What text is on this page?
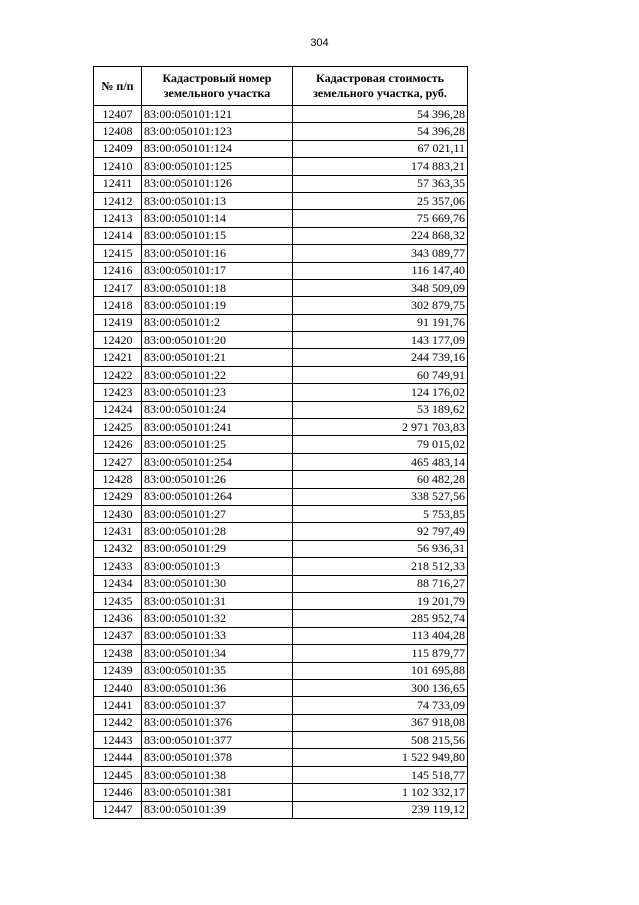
304
№ п/п	Кадастровый номер земельного участка	Кадастровая стоимость земельного участка, руб.
12407	83:00:050101:121	54 396,28
12408	83:00:050101:123	54 396,28
12409	83:00:050101:124	67 021,11
12410	83:00:050101:125	174 883,21
12411	83:00:050101:126	57 363,35
12412	83:00:050101:13	25 357,06
12413	83:00:050101:14	75 669,76
12414	83:00:050101:15	224 868,32
12415	83:00:050101:16	343 089,77
12416	83:00:050101:17	116 147,40
12417	83:00:050101:18	348 509,09
12418	83:00:050101:19	302 879,75
12419	83:00:050101:2	91 191,76
12420	83:00:050101:20	143 177,09
12421	83:00:050101:21	244 739,16
12422	83:00:050101:22	60 749,91
12423	83:00:050101:23	124 176,02
12424	83:00:050101:24	53 189,62
12425	83:00:050101:241	2 971 703,83
12426	83:00:050101:25	79 015,02
12427	83:00:050101:254	465 483,14
12428	83:00:050101:26	60 482,28
12429	83:00:050101:264	338 527,56
12430	83:00:050101:27	5 753,85
12431	83:00:050101:28	92 797,49
12432	83:00:050101:29	56 936,31
12433	83:00:050101:3	218 512,33
12434	83:00:050101:30	88 716,27
12435	83:00:050101:31	19 201,79
12436	83:00:050101:32	285 952,74
12437	83:00:050101:33	113 404,28
12438	83:00:050101:34	115 879,77
12439	83:00:050101:35	101 695,88
12440	83:00:050101:36	300 136,65
12441	83:00:050101:37	74 733,09
12442	83:00:050101:376	367 918,08
12443	83:00:050101:377	508 215,56
12444	83:00:050101:378	1 522 949,80
12445	83:00:050101:38	145 518,77
12446	83:00:050101:381	1 102 332,17
12447	83:00:050101:39	239 119,12
